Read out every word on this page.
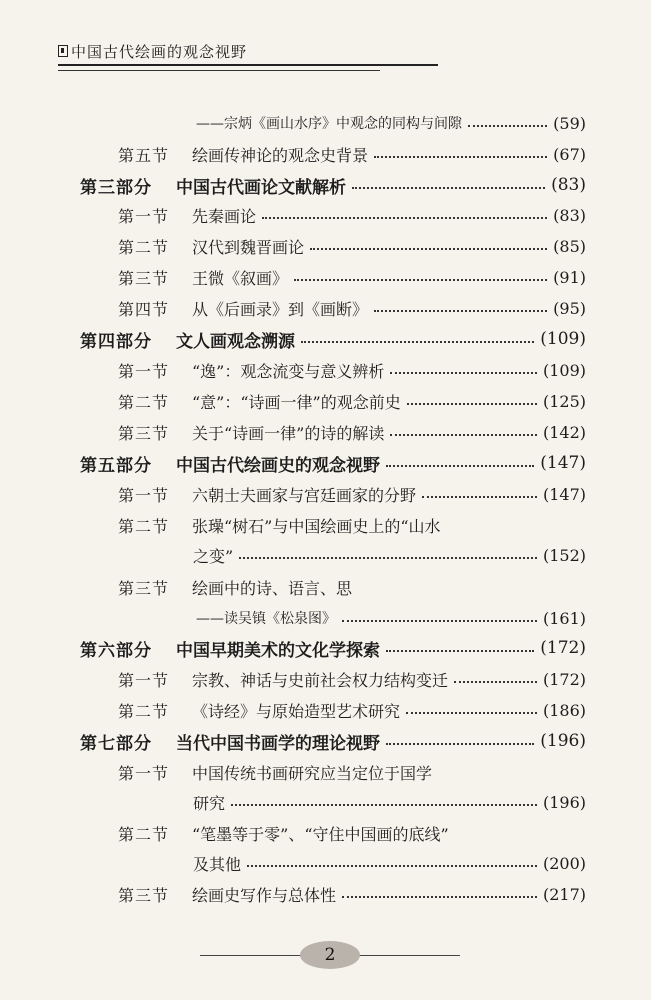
中国古代绘画的观念视野
——宗炳《画山水序》中观念的同构与间隙	(59)
第五节	绘画传神论的观念史背景	(67)
第三部分	中国古代画论文献解析	(83)
第一节	先秦画论	(83)
第二节	汉代到魏晋画论	(85)
第三节	王微《叙画》	(91)
第四节	从《后画录》到《画断》	(95)
第四部分	文人画观念溯源	(109)
第一节	“逸”：观念流变与意义辨析	(109)
第二节	“意”：“诗画一律”的观念前史	(125)
第三节	关于“诗画一律”的诗的解读	(142)
第五部分	中国古代绘画史的观念视野	(147)
第一节	六朝士夫画家与宫廷画家的分野	(147)
第二节	张璪“树石”与中国绘画史上的“山水
之变”	(152)
第三节	绘画中的诗、语言、思
——读吴镇《松泉图》	(161)
第六部分	中国早期美术的文化学探索	(172)
第一节	宗教、神话与史前社会权力结构变迁	(172)
第二节	《诗经》与原始造型艺术研究	(186)
第七部分	当代中国书画学的理论视野	(196)
第一节	中国传统书画研究应当定位于国学
研究	(196)
第二节	“笔墨等于零”、“守住中国画的底线”
及其他	(200)
第三节	绘画史写作与总体性	(217)
2
